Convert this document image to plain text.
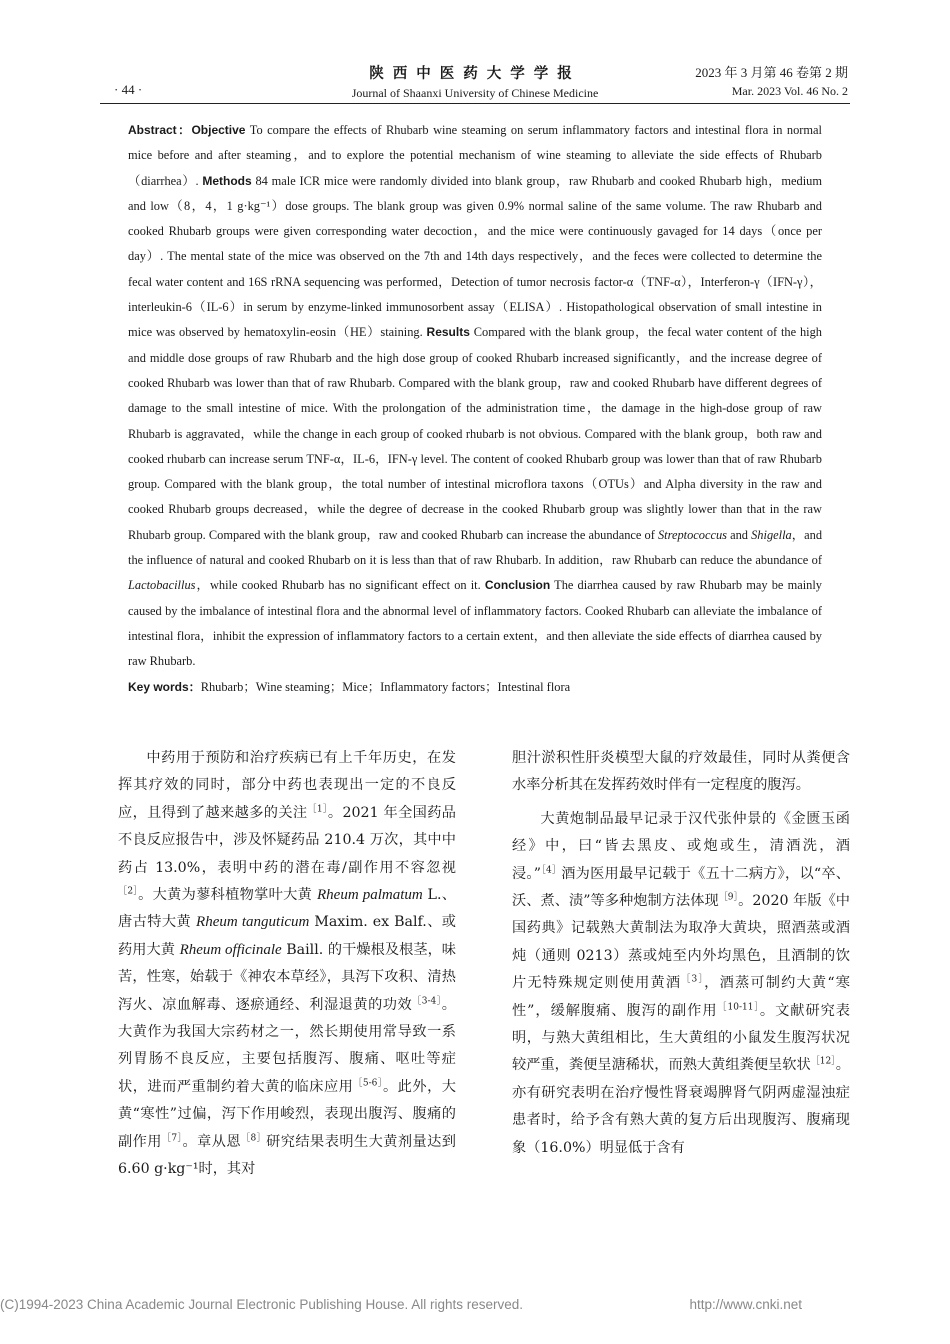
· 44 ·
陕西中医药大学学报
Journal of Shaanxi University of Chinese Medicine
2023 年 3 月第 46 卷第 2 期
Mar. 2023 Vol. 46 No. 2

Abstract：Objective To compare the effects of Rhubarb wine steaming on serum inflammatory factors and intestinal flora in normal mice before and after steaming，and to explore the potential mechanism of wine steaming to alleviate the side effects of Rhubarb（diarrhea）. Methods 84 male ICR mice were randomly divided into blank group，raw Rhubarb and cooked Rhubarb high，medium and low（8，4，1 g·kg⁻¹）dose groups. The blank group was given 0.9% normal saline of the same volume. The raw Rhubarb and cooked Rhubarb groups were given corresponding water decoction，and the mice were continuously gavaged for 14 days（once per day）. The mental state of the mice was observed on the 7th and 14th days respectively，and the feces were collected to determine the fecal water content and 16S rRNA sequencing was performed，Detection of tumor necrosis factor-α（TNF-α），Interferon-γ（IFN-γ），interleukin-6（IL-6）in serum by enzyme-linked immunosorbent assay（ELISA）. Histopathological observation of small intestine in mice was observed by hematoxylin-eosin（HE）staining. Results Compared with the blank group，the fecal water content of the high and middle dose groups of raw Rhubarb and the high dose group of cooked Rhubarb increased significantly，and the increase degree of cooked Rhubarb was lower than that of raw Rhubarb. Compared with the blank group，raw and cooked Rhubarb have different degrees of damage to the small intestine of mice. With the prolongation of the administration time，the damage in the high-dose group of raw Rhubarb is aggravated，while the change in each group of cooked rhubarb is not obvious. Compared with the blank group，both raw and cooked rhubarb can increase serum TNF-α，IL-6，IFN-γ level. The content of cooked Rhubarb group was lower than that of raw Rhubarb group. Compared with the blank group，the total number of intestinal microflora taxons（OTUs）and Alpha diversity in the raw and cooked Rhubarb groups decreased，while the degree of decrease in the cooked Rhubarb group was slightly lower than that in the raw Rhubarb group. Compared with the blank group，raw and cooked Rhubarb can increase the abundance of Streptococcus and Shigella，and the influence of natural and cooked Rhubarb on it is less than that of raw Rhubarb. In addition，raw Rhubarb can reduce the abundance of Lactobacillus，while cooked Rhubarb has no significant effect on it. Conclusion The diarrhea caused by raw Rhubarb may be mainly caused by the imbalance of intestinal flora and the abnormal level of inflammatory factors. Cooked Rhubarb can alleviate the imbalance of intestinal flora，inhibit the expression of inflammatory factors to a certain extent，and then alleviate the side effects of diarrhea caused by raw Rhubarb.

Key words：Rhubarb；Wine steaming；Mice；Inflammatory factors；Intestinal flora

中药用于预防和治疗疾病已有上千年历史，在发挥其疗效的同时，部分中药也表现出一定的不良反应，且得到了越来越多的关注$^{[1]}$。2021 年全国药品不良反应报告中，涉及怀疑药品 210.4 万次，其中中药占 13.0%，表明中药的潜在毒/副作用不容忽视$^{[2]}$。大黄为蓼科植物掌叶大黄 Rheum palmatum L.、唐古特大黄 Rheum tanguticum Maxim. ex Balf.、或药用大黄 Rheum officinale Baill. 的干燥根及根茎，味苦，性寒，始载于《神农本草经》，具泻下攻积、清热泻火、凉血解毒、逐瘀通经、利湿退黄的功效$^{[3-4]}$。大黄作为我国大宗药材之一，然长期使用常导致一系列胃肠不良反应，主要包括腹泻、腹痛、呕吐等症状，进而严重制约着大黄的临床应用$^{[5-6]}$。此外，大黄“寒性”过偏，泻下作用峻烈，表现出腹泻、腹痛的副作用$^{[7]}$。章从恩$^{[8]}$研究结果表明生大黄剂量达到 6.60 g·kg⁻¹时，其对

胆汁淤积性肝炎模型大鼠的疗效最佳，同时从粪便含水率分析其在发挥药效时伴有一定程度的腹泻。

大黄炮制品最早记录于汉代张仲景的《金匮玉函经》中，曰“皆去黑皮、或炮或生，清酒洗，酒浸。”$^{[4]}$酒为医用最早记载于《五十二病方》，以“卒、沃、煮、渍”等多种炮制方法体现$^{[9]}$。2020 年版《中国药典》记载熟大黄制法为取净大黄块，照酒蒸或酒炖（通则 0213）蒸或炖至内外均黑色，且酒制的饮片无特殊规定则使用黄酒$^{[3]}$，酒蒸可制约大黄“寒性”，缓解腹痛、腹泻的副作用$^{[10-11]}$。文献研究表明，与熟大黄组相比，生大黄组的小鼠发生腹泻状况较严重，粪便呈溏稀状，而熟大黄组粪便呈软状$^{[12]}$。亦有研究表明在治疗慢性肾衰竭脾肾气阴两虚湿浊症患者时，给予含有熟大黄的复方后出现腹泻、腹痛现象（16.0%）明显低于含有

(C)1994-2023 China Academic Journal Electronic Publishing House. All rights reserved.	http://www.cnki.net
